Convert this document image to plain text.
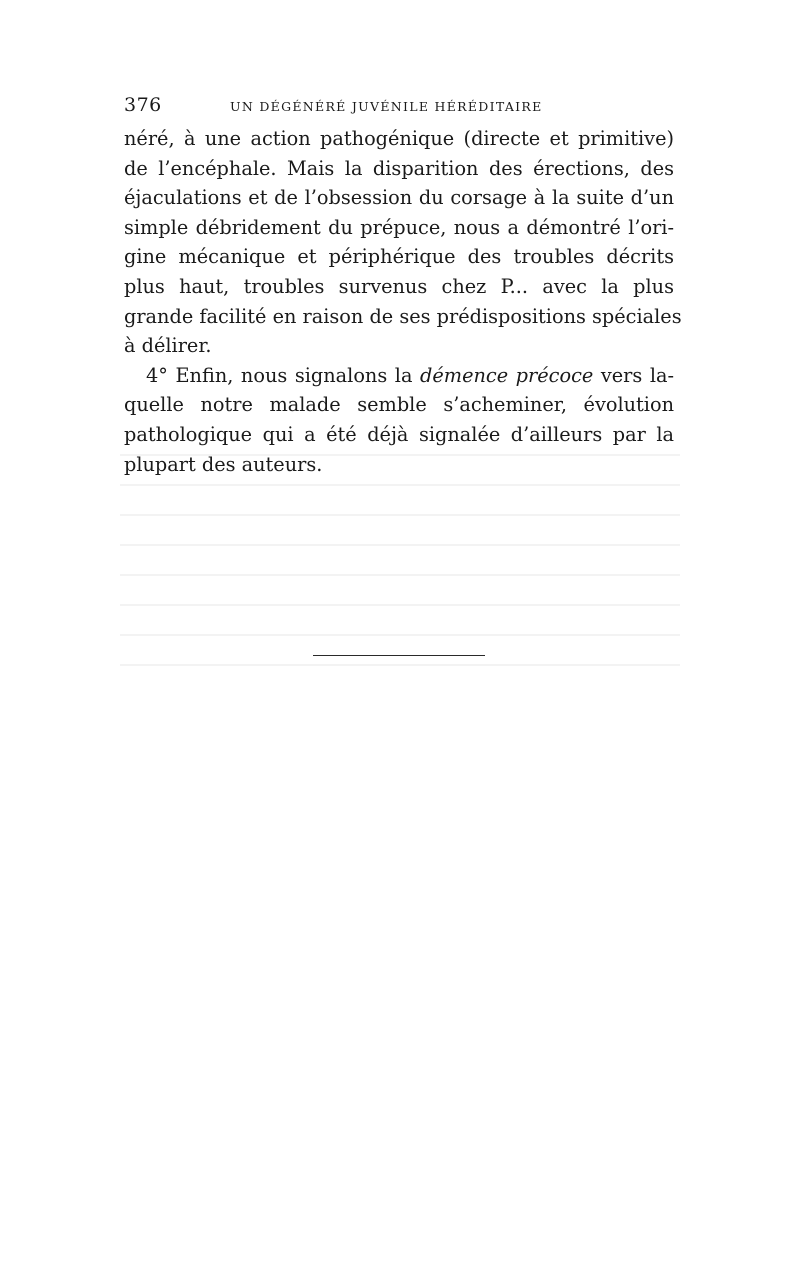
376	UN DÉGÉNÉRÉ JUVÉNILE HÉRÉDITAIRE
néré, à une action pathogénique (directe et primitive)
de l’encéphale. Mais la disparition des érections, des
éjaculations et de l’obsession du corsage à la suite d’un
simple débridement du prépuce, nous a démontré l’ori-
gine mécanique et périphérique des troubles décrits
plus haut, troubles survenus chez P... avec la plus
grande facilité en raison de ses prédispositions spéciales
à délirer.
4° Enfin, nous signalons la démence précoce vers la-
quelle notre malade semble s’acheminer, évolution
pathologique qui a été déjà signalée d’ailleurs par la
plupart des auteurs.
